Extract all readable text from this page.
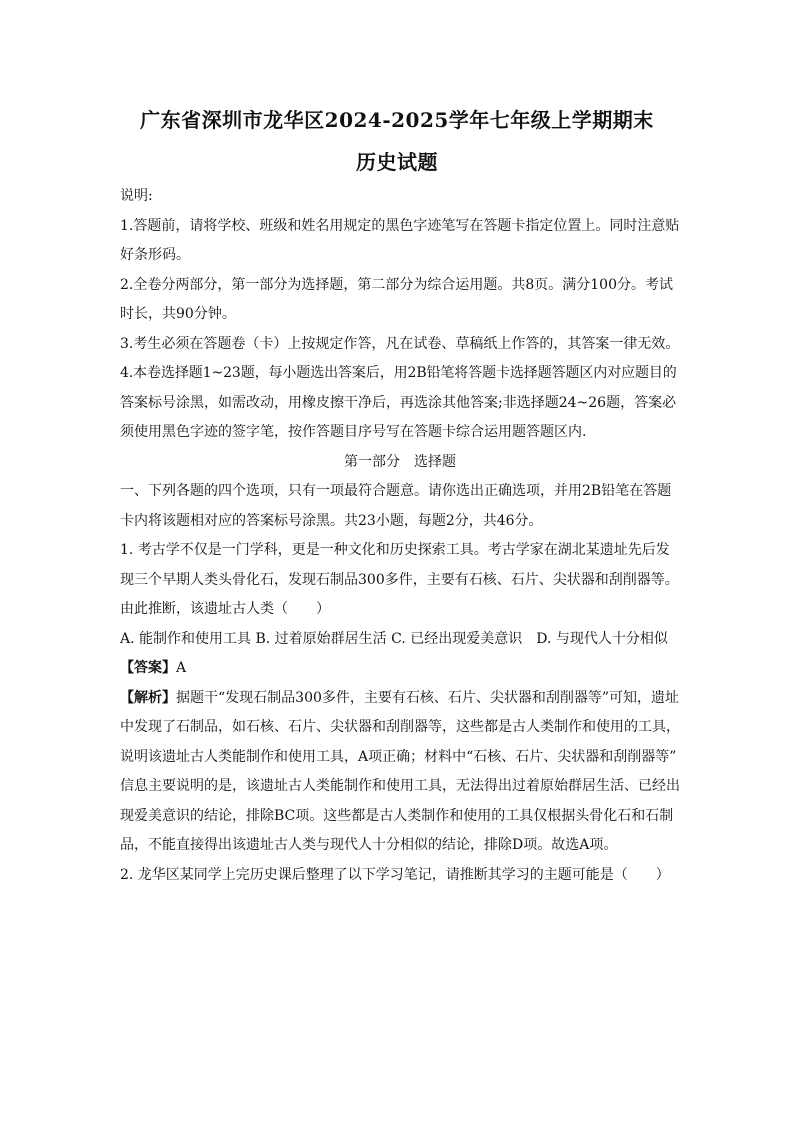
广东省深圳市龙华区2024-2025学年七年级上学期期末
历史试题

说明:

1.答题前，请将学校、班级和姓名用规定的黑色字迹笔写在答题卡指定位置上。同时注意贴

好条形码。

2.全卷分两部分，第一部分为选择题，第二部分为综合运用题。共8页。满分100分。考试

时长，共90分钟。

3.考生必须在答题卷（卡）上按规定作答，凡在试卷、草稿纸上作答的，其答案一律无效。

4.本卷选择题1~23题，每小题选出答案后，用2B铅笔将答题卡选择题答题区内对应题目的

答案标号涂黑，如需改动，用橡皮擦干净后，再选涂其他答案;非选择题24~26题，答案必

须使用黑色字迹的签字笔，按作答题目序号写在答题卡综合运用题答题区内.

第一部分　选择题

一、下列各题的四个选项，只有一项最符合题意。请你选出正确选项，并用2B铅笔在答题

卡内将该题相对应的答案标号涂黑。共23小题，每题2分，共46分。

1. 考古学不仅是一门学科，更是一种文化和历史探索工具。考古学家在湖北某遗址先后发

现三个早期人类头骨化石，发现石制品300多件，主要有石核、石片、尖状器和刮削器等。

由此推断，该遗址古人类（　　）

A. 能制作和使用工具 B. 过着原始群居生活 C. 已经出现爱美意识　D. 与现代人十分相似

【答案】A

【解析】据题干“发现石制品300多件，主要有石核、石片、尖状器和刮削器等”可知，遗址

中发现了石制品，如石核、石片、尖状器和刮削器等，这些都是古人类制作和使用的工具，

说明该遗址古人类能制作和使用工具，A项正确；材料中“石核、石片、尖状器和刮削器等”

信息主要说明的是，该遗址古人类能制作和使用工具，无法得出过着原始群居生活、已经出

现爱美意识的结论，排除BC项。这些都是古人类制作和使用的工具仅根据头骨化石和石制

品，不能直接得出该遗址古人类与现代人十分相似的结论，排除D项。故选A项。

2. 龙华区某同学上完历史课后整理了以下学习笔记，请推断其学习的主题可能是（　　）
